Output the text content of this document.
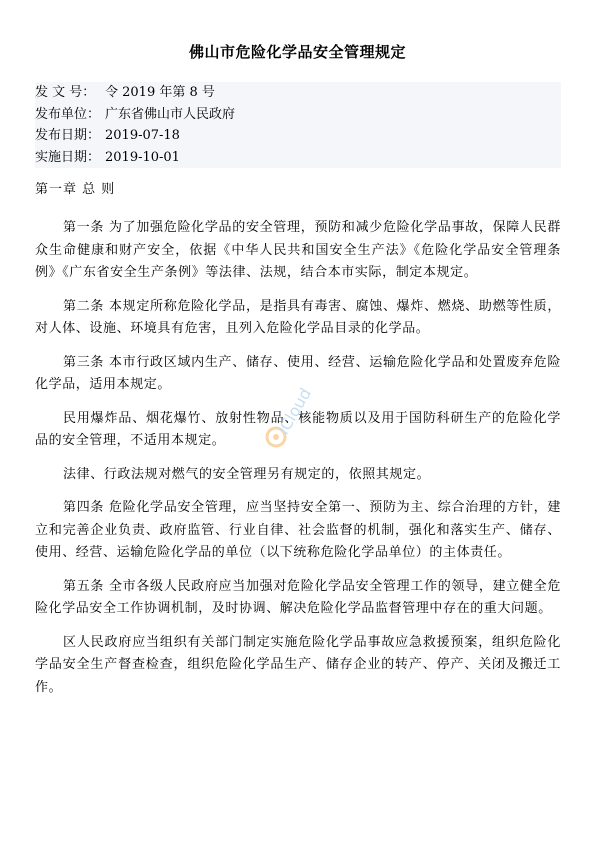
佛山市危险化学品安全管理规定
发 文 号： 令 2019 年第 8 号
发布单位： 广东省佛山市人民政府
发布日期： 2019-07-18
实施日期： 2019-10-01
第一章 总 则

第一条 为了加强危险化学品的安全管理，预防和减少危险化学品事故，保障人民群众生命健康和财产安全，依据《中华人民共和国安全生产法》《危险化学品安全管理条例》《广东省安全生产条例》等法律、法规，结合本市实际，制定本规定。

第二条 本规定所称危险化学品，是指具有毒害、腐蚀、爆炸、燃烧、助燃等性质，对人体、设施、环境具有危害，且列入危险化学品目录的化学品。

第三条 本市行政区域内生产、储存、使用、经营、运输危险化学品和处置废弃危险化学品，适用本规定。

民用爆炸品、烟花爆竹、放射性物品、核能物质以及用于国防科研生产的危险化学品的安全管理，不适用本规定。

法律、行政法规对燃气的安全管理另有规定的，依照其规定。

第四条 危险化学品安全管理，应当坚持安全第一、预防为主、综合治理的方针，建立和完善企业负责、政府监管、行业自律、社会监督的机制，强化和落实生产、储存、使用、经营、运输危险化学品的单位（以下统称危险化学品单位）的主体责任。

第五条 全市各级人民政府应当加强对危险化学品安全管理工作的领导，建立健全危险化学品安全工作协调机制，及时协调、解决危险化学品监督管理中存在的重大问题。

区人民政府应当组织有关部门制定实施危险化学品事故应急救援预案，组织危险化学品安全生产督查检查，组织危险化学品生产、储存企业的转产、停产、关闭及搬迁工作。

iCloud
